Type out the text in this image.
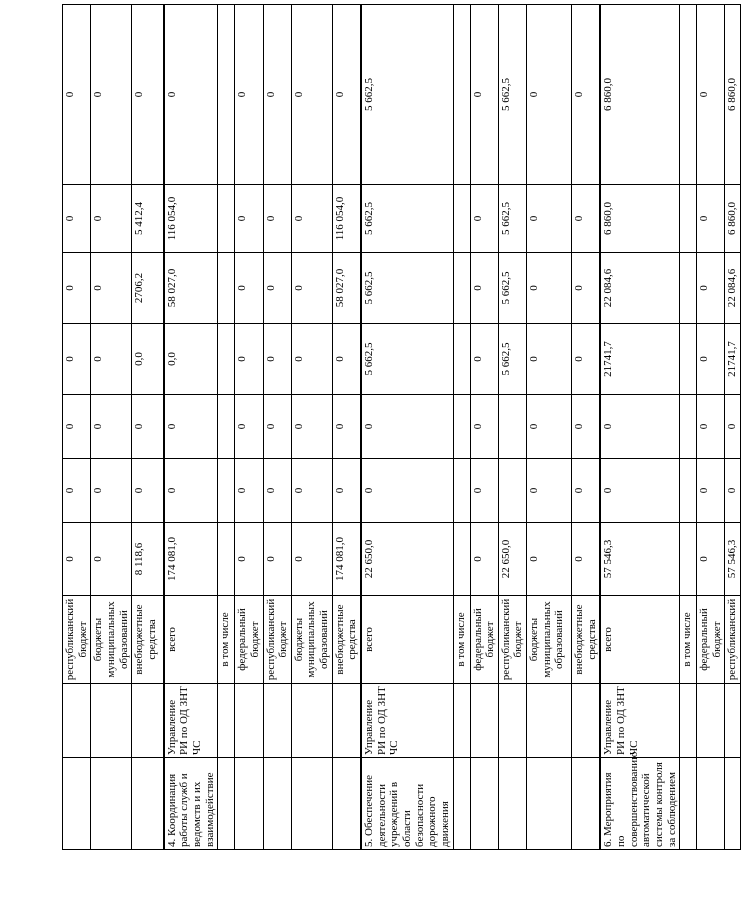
		республиканский бюджет	0	0	0	0	0	0	0
		бюджеты муниципальных образований	0	0	0	0	0	0	0
		внебюджетные средства	8 118,6	0	0	0,0	2706,2	5 412,4	0
4. Координация работы служб и ведомств и их взаимодействие	Управление РИ по ОД ЗНТ ЧС	всего	174 081,0	0	0	0,0	58 027,0	116 054,0	0
		в том числе							
		федеральный бюджет	0	0	0	0	0	0	0
		республиканский бюджет	0	0	0	0	0	0	0
		бюджеты муниципальных образований	0	0	0	0	0	0	0
		внебюджетные средства	174 081,0	0	0	0	58 027,0	116 054,0	0
5. Обеспечение деятельности учреждений в области безопасности дорожного движения	Управление РИ по ОД ЗНТ ЧС	всего	22 650,0	0	0	5 662,5	5 662,5	5 662,5	5 662,5
		в том числе							
		федеральный бюджет	0	0	0	0	0	0	0
		республиканский бюджет	22 650,0			5 662,5	5 662,5	5 662,5	5 662,5
		бюджеты муниципальных образований	0	0	0	0	0	0	0
		внебюджетные средства	0	0	0	0	0	0	0
6. Мероприятия по совершенствованию автоматической системы контроля за соблюдением	Управление РИ по ОД ЗНТ ЧС	всего	57 546,3	0	0	21741,7	22 084,6	6 860,0	6 860,0
		в том числе							
		федеральный бюджет	0	0	0	0	0	0	0
		республиканский	57 546,3	0	0	21741,7	22 084,6	6 860,0	6 860,0
